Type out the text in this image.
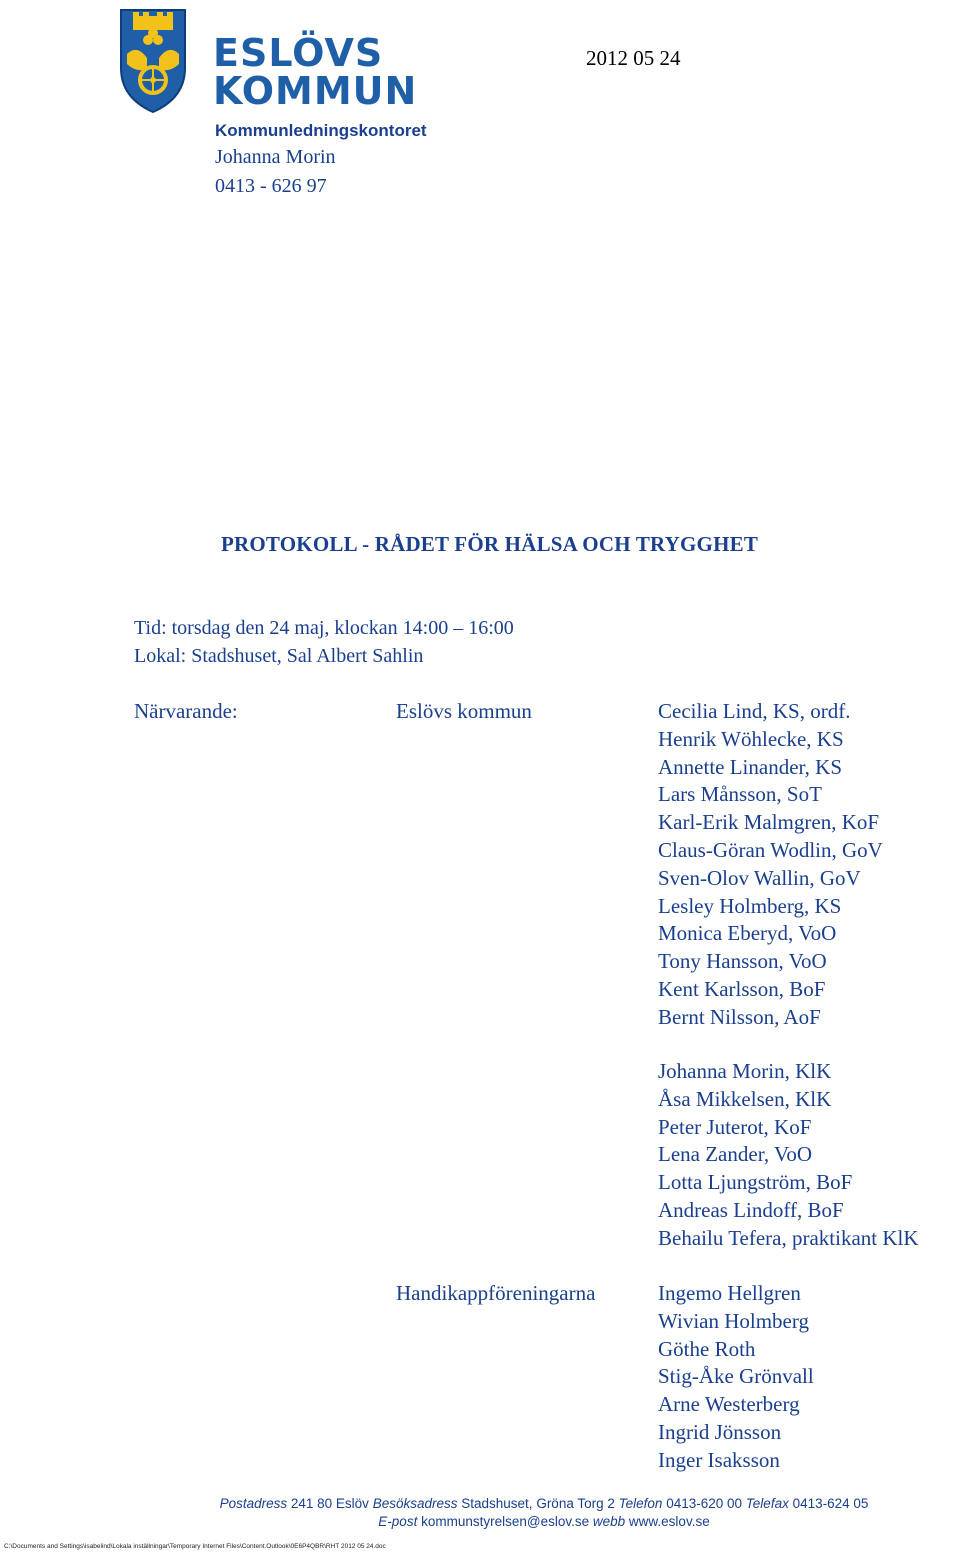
ESLÖVS
KOMMUN
2012 05 24
Kommunledningskontoret
Johanna Morin
0413 - 626 97
PROTOKOLL - RÅDET FÖR HÄLSA OCH TRYGGHET
Tid: torsdag den 24 maj, klockan 14:00 – 16:00
Lokal: Stadshuset, Sal Albert Sahlin
Närvarande:	Eslövs kommun
Handikappföreningarna
Cecilia Lind, KS, ordf.
Henrik Wöhlecke, KS
Annette Linander, KS
Lars Månsson, SoT
Karl-Erik Malmgren, KoF
Claus-Göran Wodlin, GoV
Sven-Olov Wallin, GoV
Lesley Holmberg, KS
Monica Eberyd, VoO
Tony Hansson, VoO
Kent Karlsson, BoF
Bernt Nilsson, AoF
Johanna Morin, KlK
Åsa Mikkelsen, KlK
Peter Juterot, KoF
Lena Zander, VoO
Lotta Ljungström, BoF
Andreas Lindoff, BoF
Behailu Tefera, praktikant KlK
Ingemo Hellgren
Wivian Holmberg
Göthe Roth
Stig-Åke Grönvall
Arne Westerberg
Ingrid Jönsson
Inger Isaksson
Postadress 241 80 Eslöv Besöksadress Stadshuset, Gröna Torg 2 Telefon 0413-620 00 Telefax 0413-624 05
E-post kommunstyrelsen@eslov.se webb www.eslov.se
C:\Documents and Settings\isabelind\Lokala inställningar\Temporary Internet Files\Content.Outlook\0E6P4QBR\RHT 2012 05 24.doc
